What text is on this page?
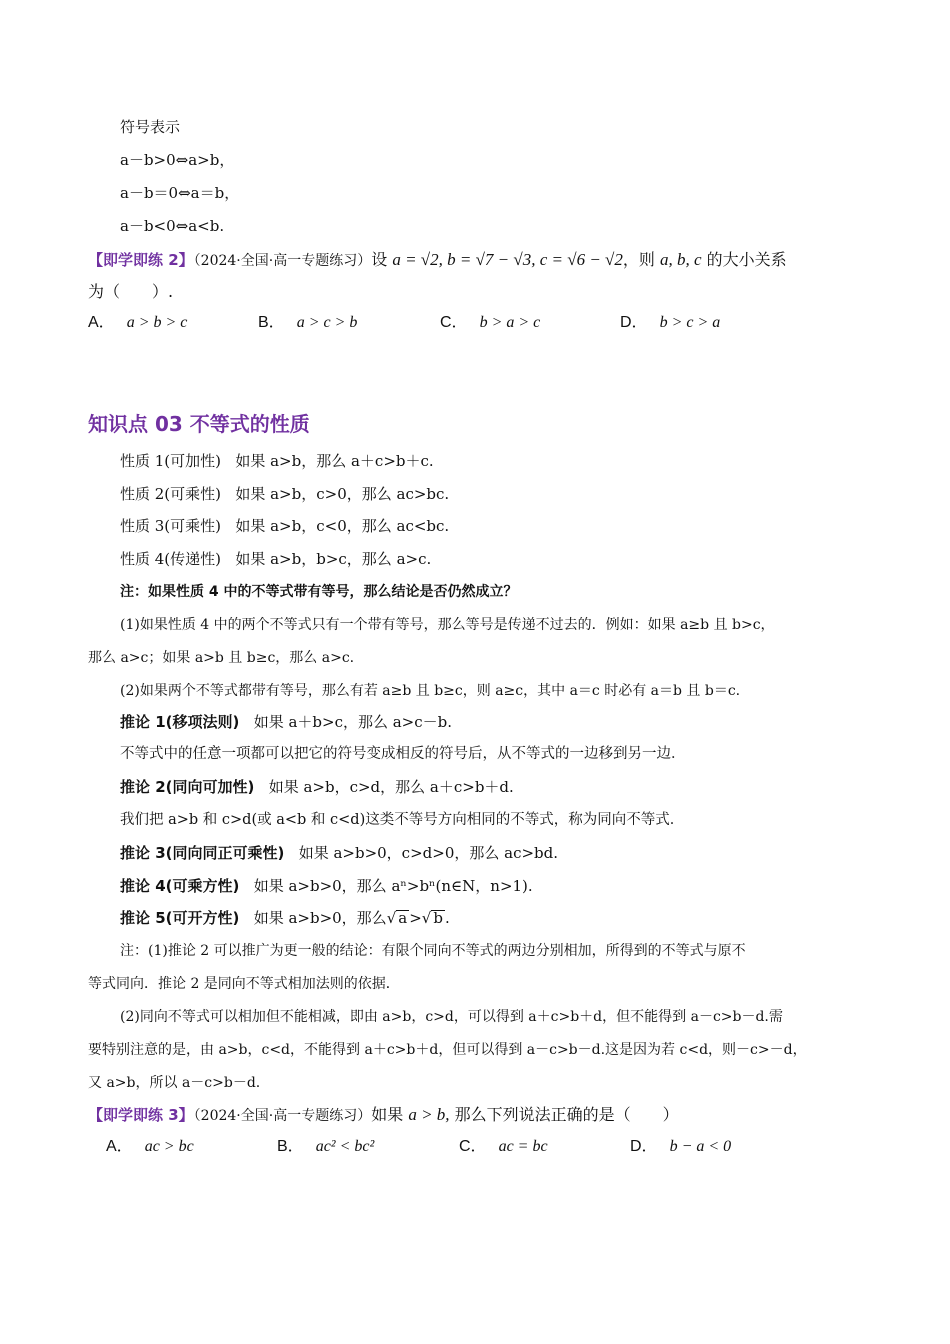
符号表示
a－b>0⇔a>b，
a－b＝0⇔a＝b，
a－b<0⇔a<b.
【即学即练 2】（2024·全国·高一专题练习）设 a = √2, b = √7 − √3, c = √6 − √2，则 a, b, c 的大小关系
为（　　）.
A． a > b > c	B． a > c > b	C． b > a > c	D． b > c > a
知识点 03 不等式的性质
性质 1(可加性) 如果 a>b，那么 a＋c>b＋c.
性质 2(可乘性) 如果 a>b，c>0，那么 ac>bc.
性质 3(可乘性) 如果 a>b，c<0，那么 ac<bc.
性质 4(传递性) 如果 a>b，b>c，那么 a>c.
注：如果性质 4 中的不等式带有等号，那么结论是否仍然成立？
(1)如果性质 4 中的两个不等式只有一个带有等号，那么等号是传递不过去的．例如：如果 a≥b 且 b>c，
那么 a>c；如果 a>b 且 b≥c，那么 a>c.
(2)如果两个不等式都带有等号，那么有若 a≥b 且 b≥c，则 a≥c，其中 a＝c 时必有 a＝b 且 b＝c.
推论 1(移项法则) 如果 a＋b>c，那么 a>c－b.
不等式中的任意一项都可以把它的符号变成相反的符号后，从不等式的一边移到另一边．
推论 2(同向可加性) 如果 a>b，c>d，那么 a＋c>b＋d.
我们把 a>b 和 c>d(或 a<b 和 c<d)这类不等号方向相同的不等式，称为同向不等式．
推论 3(同向同正可乘性) 如果 a>b>0，c>d>0，那么 ac>bd.
推论 4(可乘方性) 如果 a>b>0，那么 aⁿ>bⁿ(n∈N，n>1).
推论 5(可开方性) 如果 a>b>0，那么√ a >√ b .
注：(1)推论 2 可以推广为更一般的结论：有限个同向不等式的两边分别相加，所得到的不等式与原不
等式同向．推论 2 是同向不等式相加法则的依据．
(2)同向不等式可以相加但不能相减，即由 a>b，c>d，可以得到 a＋c>b＋d，但不能得到 a－c>b－d.需
要特别注意的是，由 a>b，c<d，不能得到 a＋c>b＋d，但可以得到 a－c>b－d.这是因为若 c<d，则－c>－d，
又 a>b，所以 a－c>b－d.
【即学即练 3】（2024·全国·高一专题练习）如果 a > b, 那么下列说法正确的是（　　）
A． ac > bc	B． ac² < bc²	C． ac = bc	D． b − a < 0
